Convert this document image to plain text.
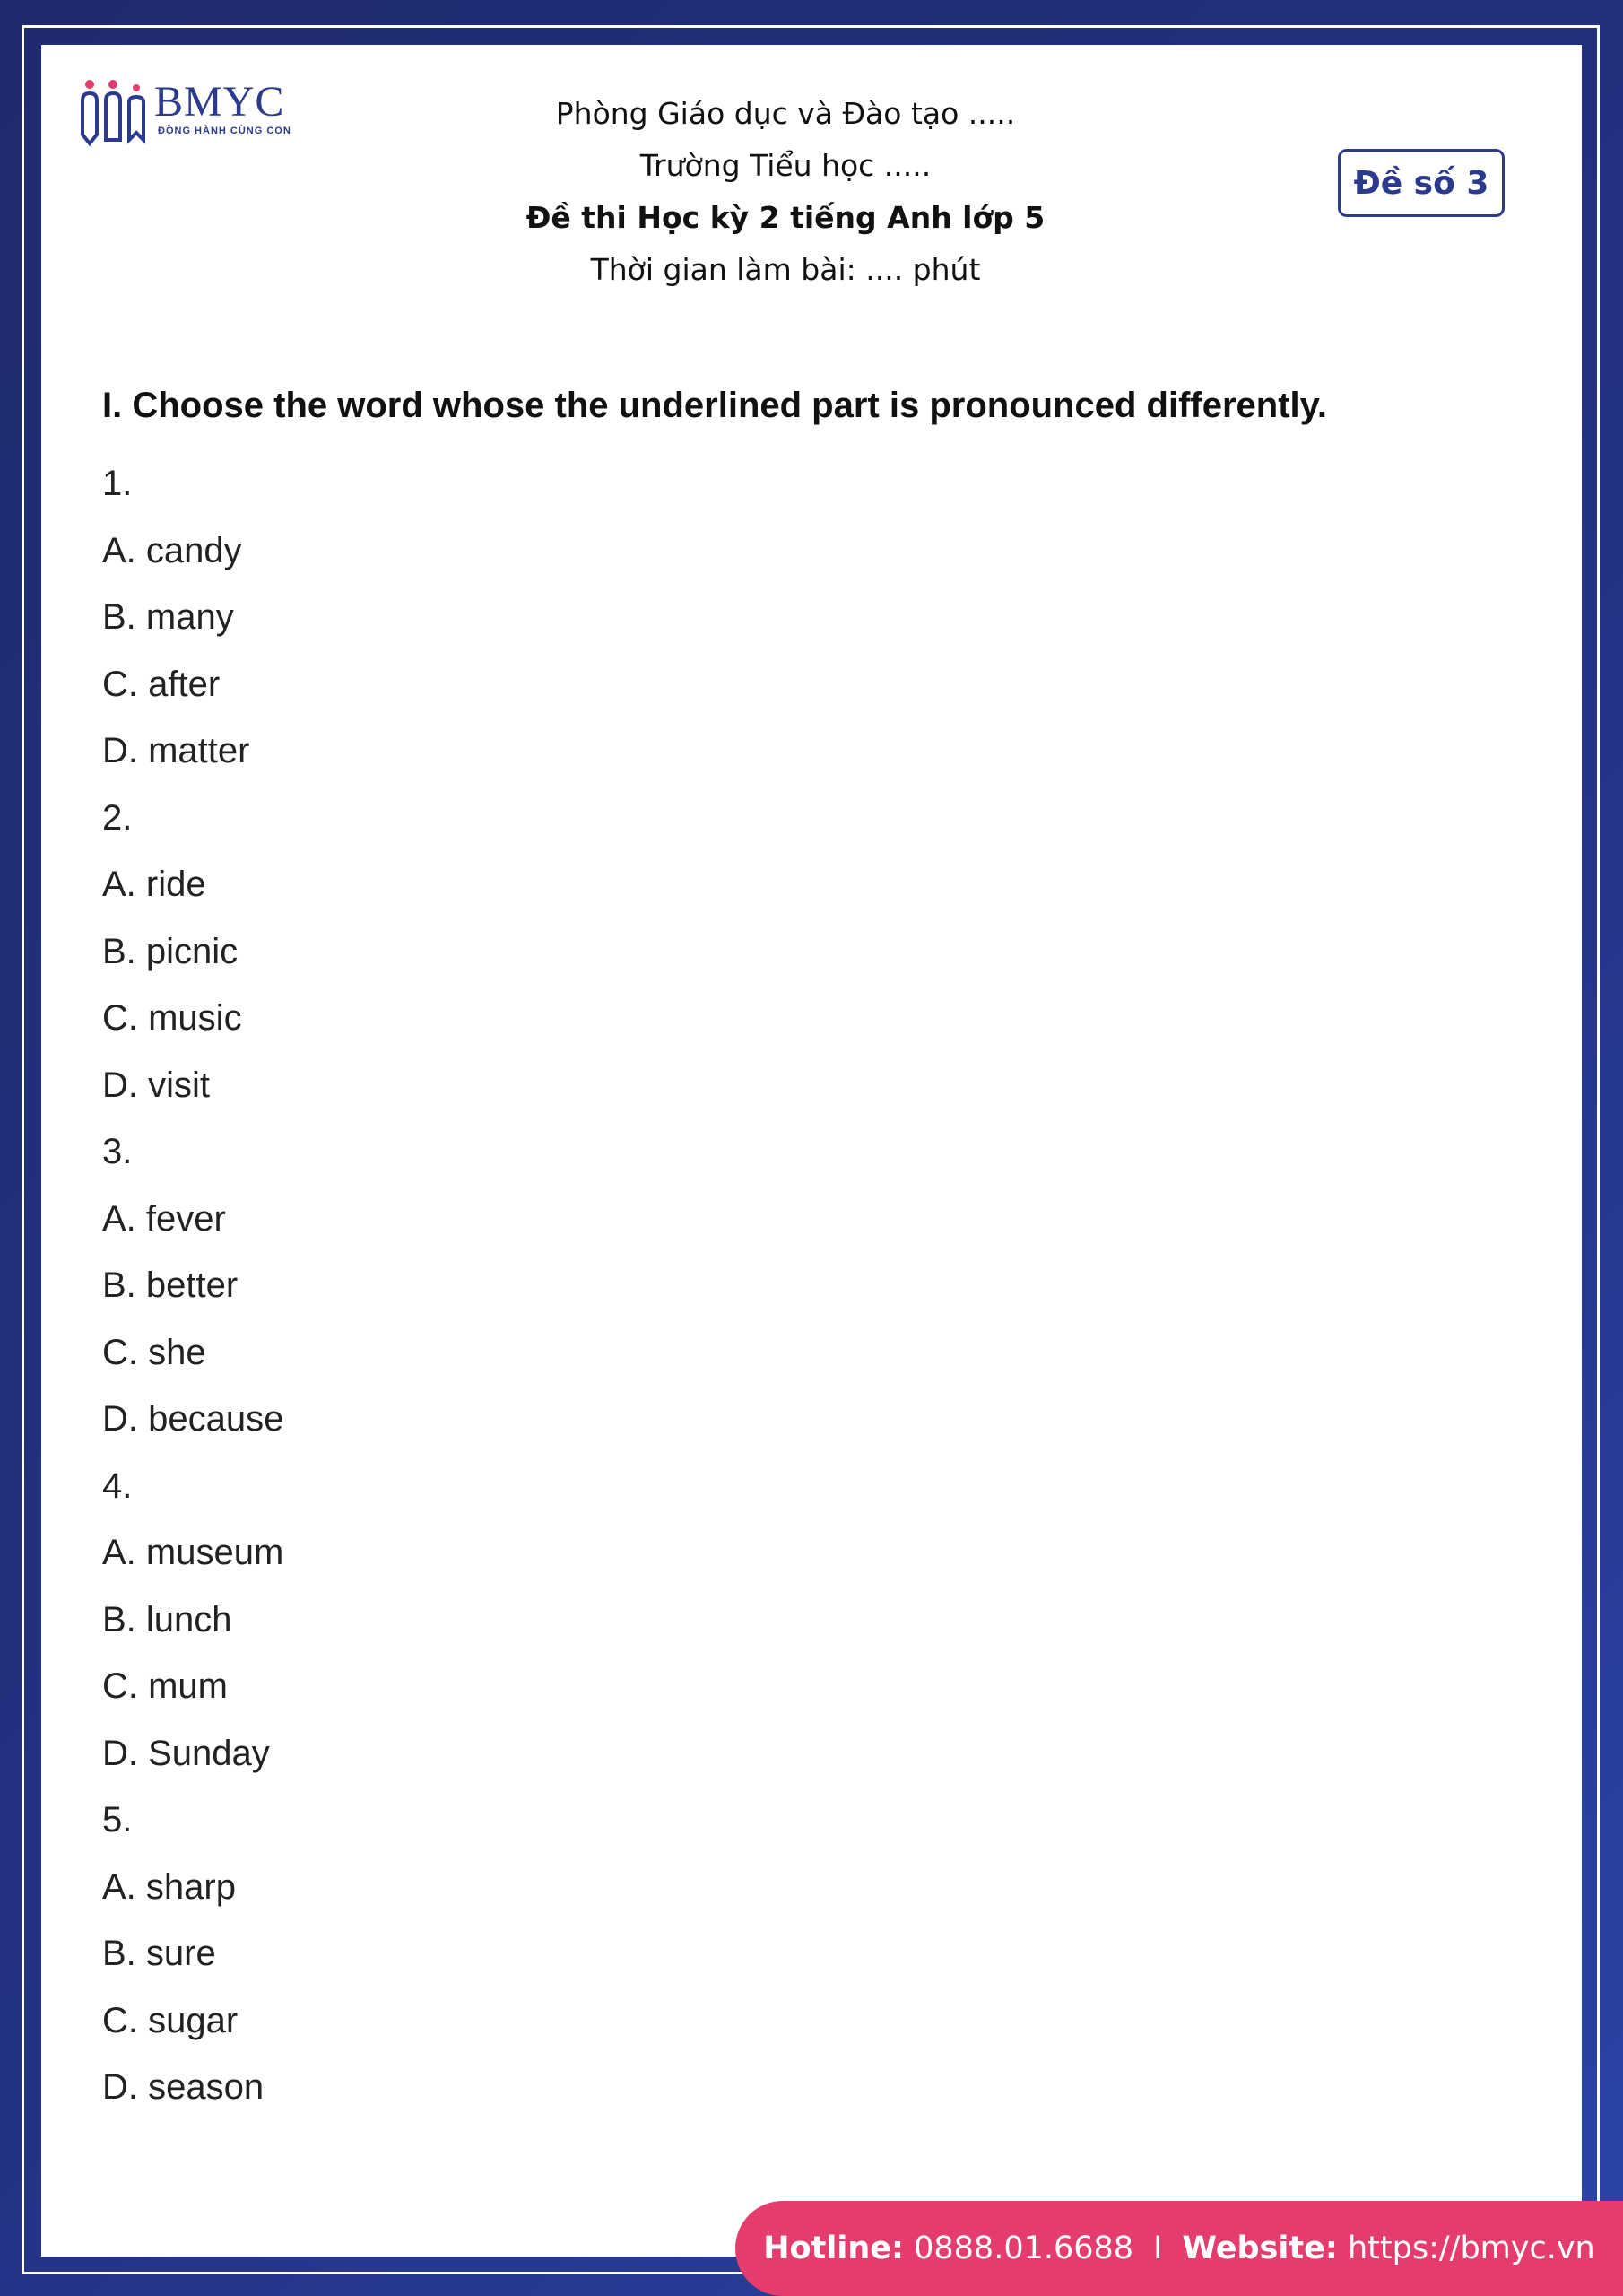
BMYC
ĐỒNG HÀNH CÙNG CON	Phòng Giáo dục và Đào tạo .....
Trường Tiểu học .....
Đề thi Học kỳ 2 tiếng Anh lớp 5
Thời gian làm bài: .... phút
Đề số 3
I. Choose the word whose the underlined part is pronounced differently.
1.
A. candy
B. many
C. after
D. matter
2.
A. ride
B. picnic
C. music
D. visit
3.
A. fever
B. better
C. she
D. because
4.
A. museum
B. lunch
C. mum
D. Sunday
5.
A. sharp
B. sure
C. sugar
D. season
Hotline:
0888.01.6688 I Website:
https://bmyc.vn
